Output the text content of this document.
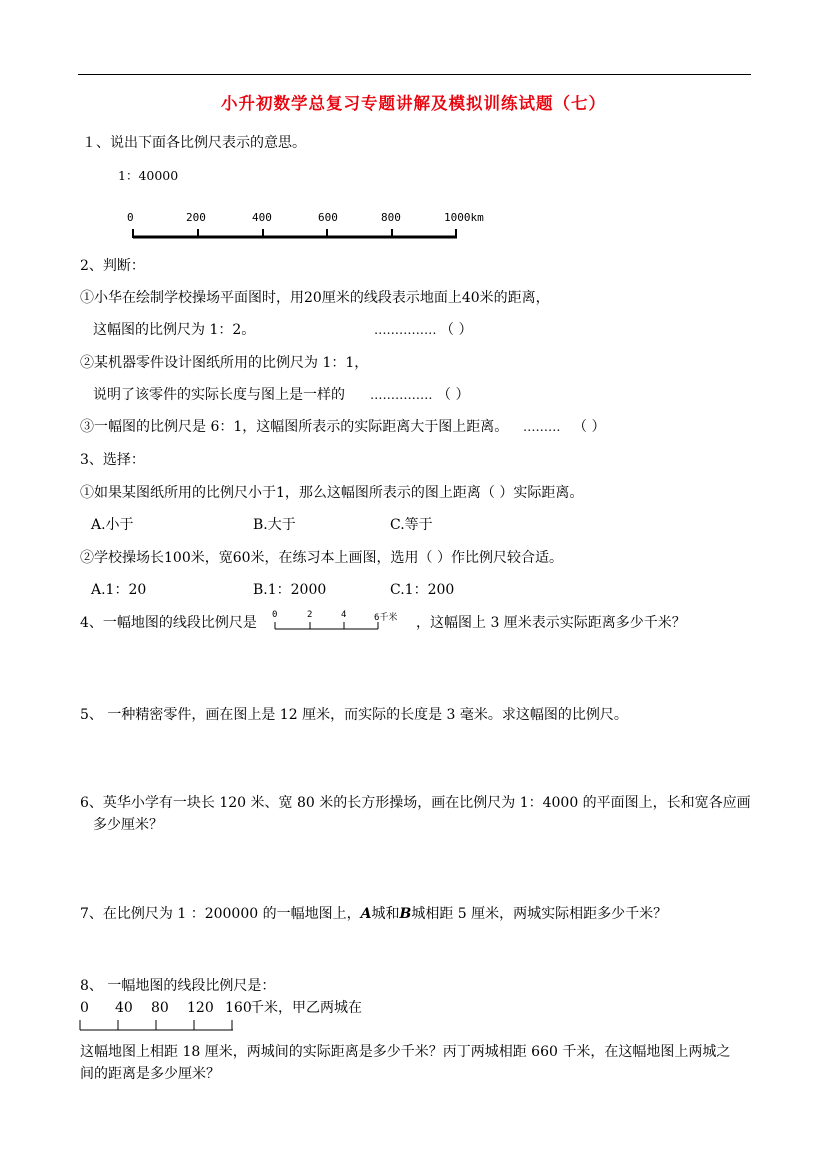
小升初数学总复习专题讲解及模拟训练试题（七）
１、说出下面各比例尺表示的意思。
1：40000
0	200	400	600	800	1000km
2、判断：
①小华在绘制学校操场平面图时，用20厘米的线段表示地面上40米的距离，
这幅图的比例尺为 1：2。	…………… （ ）
②某机器零件设计图纸所用的比例尺为 1：1，
说明了该零件的实际长度与图上是一样的 …………… （ ）
③一幅图的比例尺是 6：1，这幅图所表示的实际距离大于图上距离。 ……… （ ）
3、选择：
①如果某图纸所用的比例尺小于1，那么这幅图所表示的图上距离（ ）实际距离。
A.小于	B.大于	C.等于
②学校操场长100米，宽60米，在练习本上画图，选用（ ）作比例尺较合适。
A.1：20	B.1：2000	C.1：200
4、一幅地图的线段比例尺是 0	2	4	6千米 ，这幅图上 3 厘米表示实际距离多少千米？
5、 一种精密零件，画在图上是 12 厘米，而实际的长度是 3 毫米。求这幅图的比例尺。
6、英华小学有一块长 120 米、宽 80 米的长方形操场，画在比例尺为 1：4000 的平面图上，长和宽各应画
多少厘米？
7、在比例尺为 1 ：200000 的一幅地图上，A城和B城相距 5 厘米，两城实际相距多少千米？
8、 一幅地图的线段比例尺是：
0 40 80 120 160
千米，甲乙两城在
这幅地图上相距 18 厘米，两城间的实际距离是多少千米？丙丁两城相距 660 千米，在这幅地图上两城之
间的距离是多少厘米？
